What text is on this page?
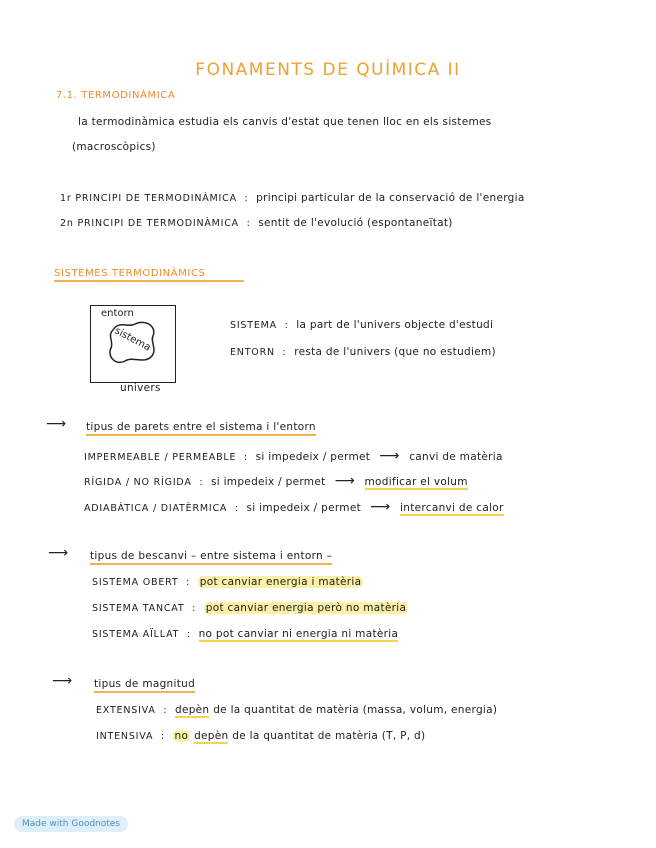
FONAMENTS DE QUÍMICA II
7.1. TERMODINÀMICA
la termodinàmica estudia els canvis d'estat que tenen lloc en els sistemes
(macroscòpics)
1r PRINCIPI DE TERMODINÀMICA  :  principi particular de la conservació de l'energia
2n PRINCIPI DE TERMODINÀMICA  :  sentit de l'evolució (espontaneïtat)
SISTEMES TERMODINÀMICS
entorn
sistema
univers
SISTEMA  :  la part de l'univers objecte d'estudi
ENTORN  :  resta de l'univers (que no estudiem)
⟶ tipus de parets entre el sistema i l'entorn
IMPERMEABLE / PERMEABLE  :  si impedeix / permet  ⟶  canvi de matèria
RÍGIDA / NO RÍGIDA  :  si impedeix / permet  ⟶  modificar el volum
ADIABÀTICA / DIATÈRMICA  :  si impedeix / permet  ⟶  intercanvi de calor
⟶ tipus de bescanvi – entre sistema i entorn –
SISTEMA OBERT  :  pot canviar energia i matèria
SISTEMA TANCAT  :  pot canviar energia però no matèria
SISTEMA AÏLLAT  :  no pot canviar ni energia ni matèria
⟶ tipus de magnitud
EXTENSIVA  :  depèn de la quantitat de matèria (massa, volum, energia)
INTENSIVA  :  no depèn de la quantitat de matèria (T, P, d)
Made with Goodnotes
